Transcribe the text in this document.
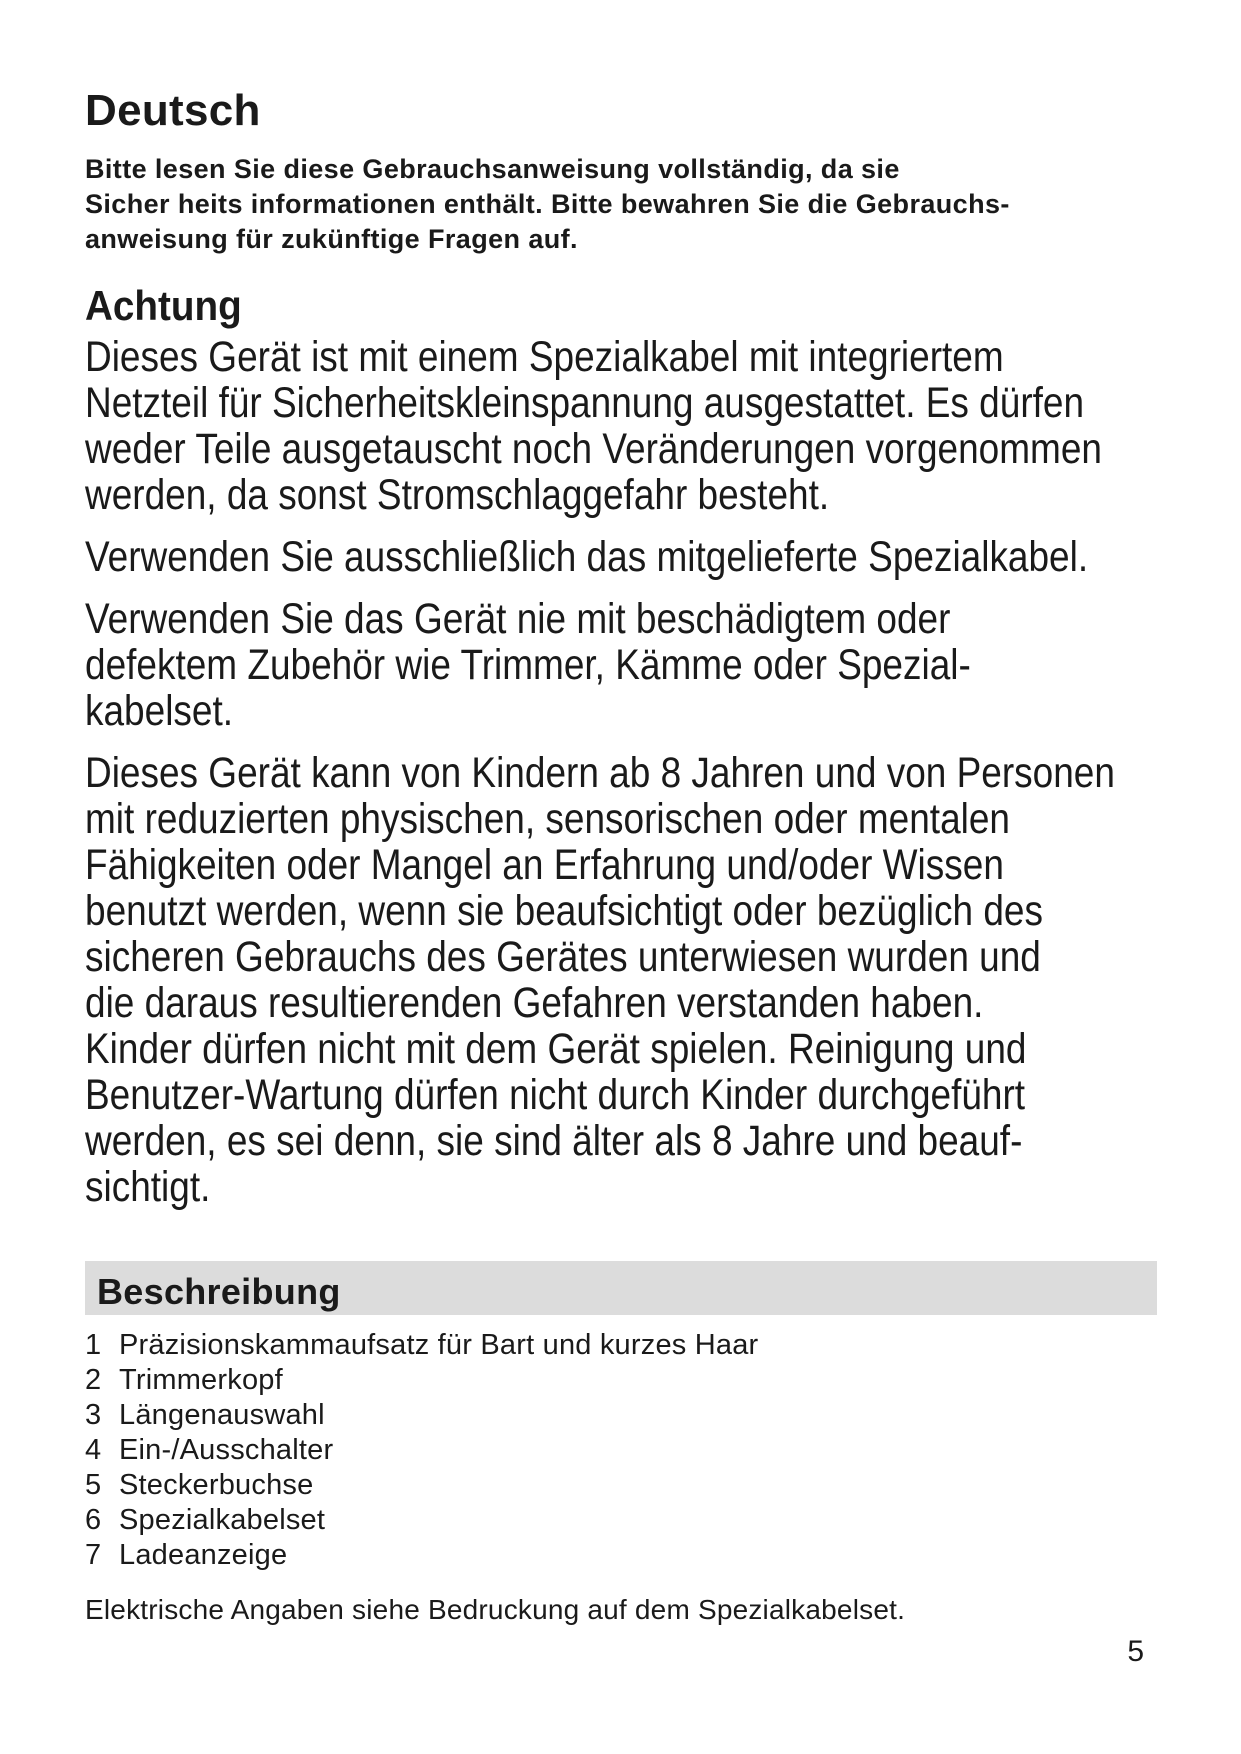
Deutsch

Bitte lesen Sie diese Gebrauchsanweisung vollständig, da sie
Sicher heits informationen enthält. Bitte bewahren Sie die Gebrauchs-
anweisung für zukünftige Fragen auf.

Achtung

Dieses Gerät ist mit einem Spezialkabel mit integriertem
Netzteil für Sicherheitskleinspannung ausgestattet. Es dürfen
weder Teile ausgetauscht noch Veränderungen vorgenommen
werden, da sonst Stromschlaggefahr besteht.

Verwenden Sie ausschließlich das mitgelieferte Spezialkabel.

Verwenden Sie das Gerät nie mit beschädigtem oder
defektem Zubehör wie Trimmer, Kämme oder Spezial-
kabelset.

Dieses Gerät kann von Kindern ab 8 Jahren und von Personen
mit reduzierten physischen, sensorischen oder mentalen
Fähigkeiten oder Mangel an Erfahrung und/oder Wissen
benutzt werden, wenn sie beaufsichtigt oder bezüglich des
sicheren Gebrauchs des Gerätes unterwiesen wurden und
die daraus resultierenden Gefahren verstanden haben.
Kinder dürfen nicht mit dem Gerät spielen. Reinigung und
Benutzer-Wartung dürfen nicht durch Kinder durchgeführt
werden, es sei denn, sie sind älter als 8 Jahre und beauf-
sichtigt.

Beschreibung
1 Präzisionskammaufsatz für Bart und kurzes Haar
2 Trimmerkopf
3 Längenauswahl
4 Ein-/Ausschalter
5 Steckerbuchse
6 Spezialkabelset
7 Ladeanzeige

Elektrische Angaben siehe Bedruckung auf dem Spezialkabelset.

5
